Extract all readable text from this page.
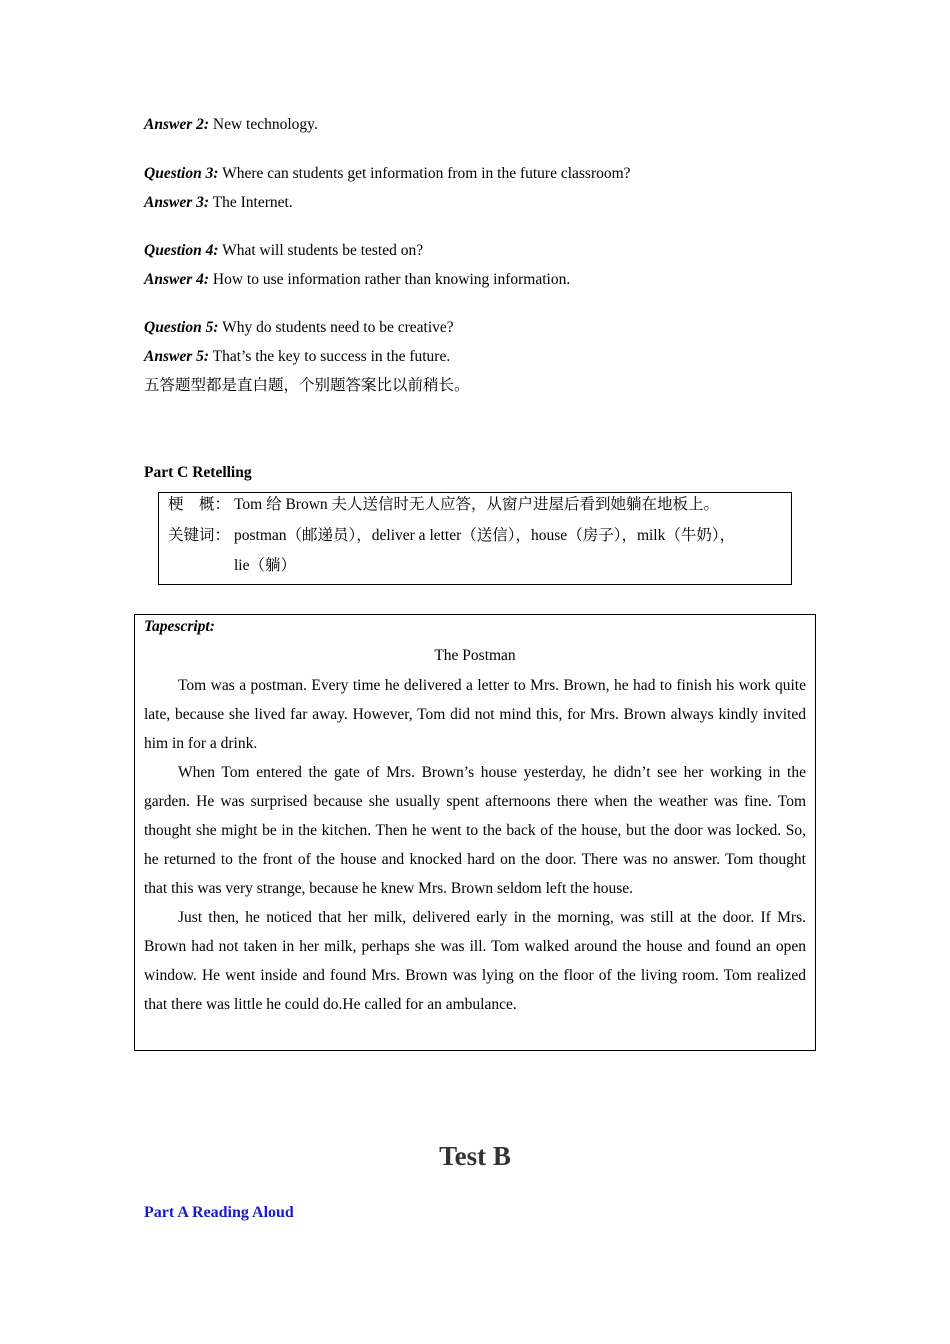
Answer 2: New technology.
Question 3: Where can students get information from in the future classroom?
Answer 3: The Internet.
Question 4: What will students be tested on?
Answer 4: How to use information rather than knowing information.
Question 5: Why do students need to be creative?
Answer 5: That’s the key to success in the future.
五答题型都是直白题，个别题答案比以前稍长。
Part C Retelling
梗　概： Tom 给 Brown 夫人送信时无人应答，从窗户进屋后看到她躺在地板上。
关键词： postman（邮递员），deliver a letter（送信），house（房子），milk（牛奶），
lie（躺）
Tapescript:
The Postman

Tom was a postman. Every time he delivered a letter to Mrs. Brown, he had to finish his work quite late, because she lived far away. However, Tom did not mind this, for Mrs. Brown always kindly invited him in for a drink.

When Tom entered the gate of Mrs. Brown’s house yesterday, he didn’t see her working in the garden. He was surprised because she usually spent afternoons there when the weather was fine. Tom thought she might be in the kitchen. Then he went to the back of the house, but the door was locked. So, he returned to the front of the house and knocked hard on the door. There was no answer. Tom thought that this was very strange, because he knew Mrs. Brown seldom left the house.

Just then, he noticed that her milk, delivered early in the morning, was still at the door. If Mrs. Brown had not taken in her milk, perhaps she was ill. Tom walked around the house and found an open window. He went inside and found Mrs. Brown was lying on the floor of the living room. Tom realized that there was little he could do.He called for an ambulance.

Test B
Part A Reading Aloud
